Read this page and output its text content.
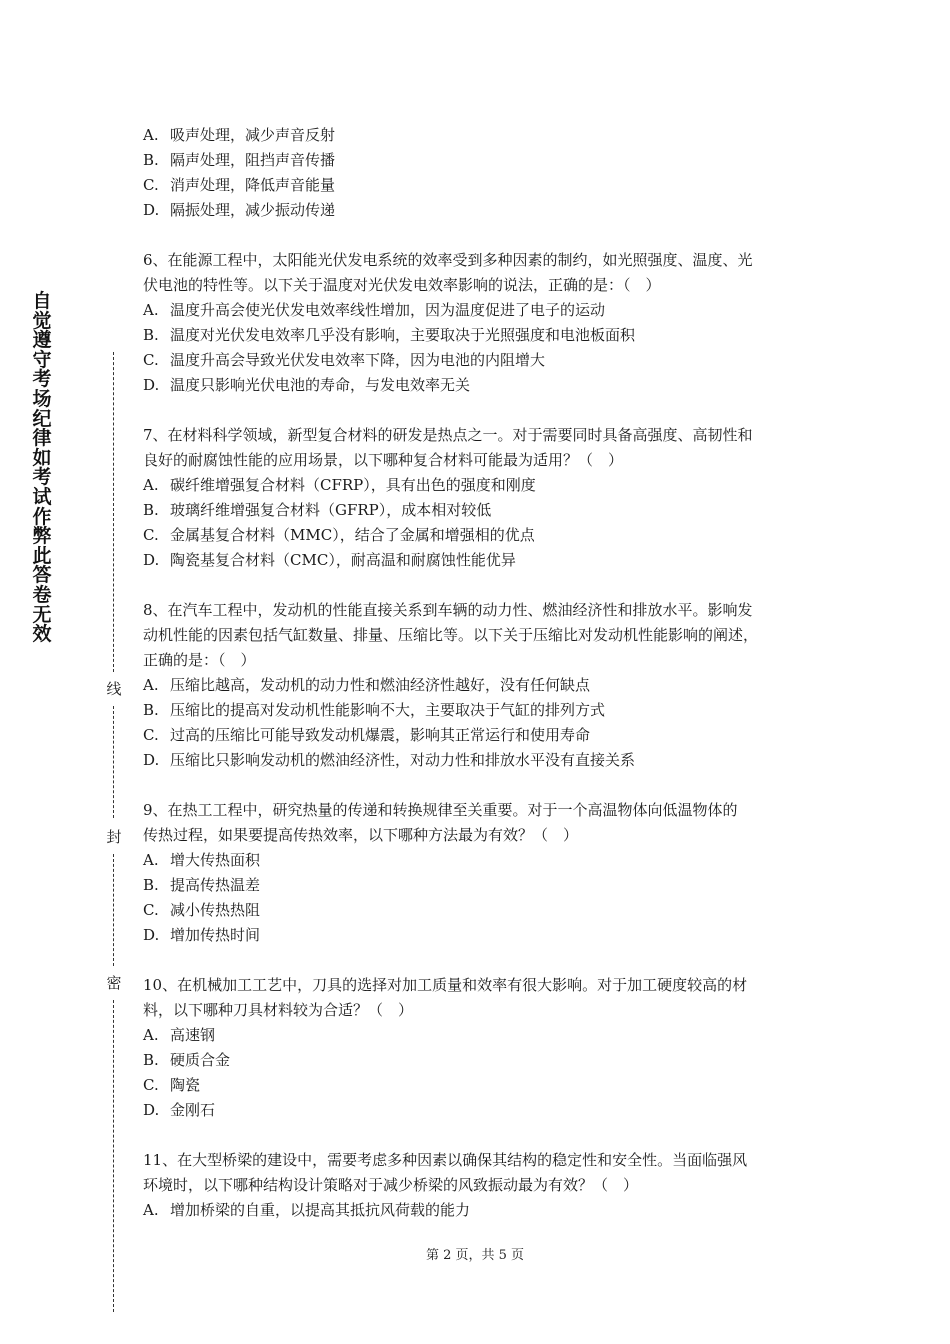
自觉遵守考场纪律如考试作弊此答卷无效
线
封
密

A. 吸声处理，减少声音反射

B. 隔声处理，阻挡声音传播

C. 消声处理，降低声音能量

D. 隔振处理，减少振动传递

6、在能源工程中，太阳能光伏发电系统的效率受到多种因素的制约，如光照强度、温度、光

伏电池的特性等。以下关于温度对光伏发电效率影响的说法，正确的是：（　）

A. 温度升高会使光伏发电效率线性增加，因为温度促进了电子的运动

B. 温度对光伏发电效率几乎没有影响，主要取决于光照强度和电池板面积

C. 温度升高会导致光伏发电效率下降，因为电池的内阻增大

D. 温度只影响光伏电池的寿命，与发电效率无关

7、在材料科学领域，新型复合材料的研发是热点之一。对于需要同时具备高强度、高韧性和

良好的耐腐蚀性能的应用场景，以下哪种复合材料可能最为适用？（　）

A. 碳纤维增强复合材料（CFRP），具有出色的强度和刚度

B. 玻璃纤维增强复合材料（GFRP），成本相对较低

C. 金属基复合材料（MMC），结合了金属和增强相的优点

D. 陶瓷基复合材料（CMC），耐高温和耐腐蚀性能优异

8、在汽车工程中，发动机的性能直接关系到车辆的动力性、燃油经济性和排放水平。影响发

动机性能的因素包括气缸数量、排量、压缩比等。以下关于压缩比对发动机性能影响的阐述，

正确的是：（　）

A. 压缩比越高，发动机的动力性和燃油经济性越好，没有任何缺点

B. 压缩比的提高对发动机性能影响不大，主要取决于气缸的排列方式

C. 过高的压缩比可能导致发动机爆震，影响其正常运行和使用寿命

D. 压缩比只影响发动机的燃油经济性，对动力性和排放水平没有直接关系

9、在热工工程中，研究热量的传递和转换规律至关重要。对于一个高温物体向低温物体的

传热过程，如果要提高传热效率，以下哪种方法最为有效？（　）

A. 增大传热面积

B. 提高传热温差

C. 减小传热热阻

D. 增加传热时间

10、在机械加工工艺中，刀具的选择对加工质量和效率有很大影响。对于加工硬度较高的材

料，以下哪种刀具材料较为合适？（　）

A. 高速钢

B. 硬质合金

C. 陶瓷

D. 金刚石

11、在大型桥梁的建设中，需要考虑多种因素以确保其结构的稳定性和安全性。当面临强风

环境时，以下哪种结构设计策略对于减少桥梁的风致振动最为有效？（　）

A. 增加桥梁的自重，以提高其抵抗风荷载的能力

第 2 页，共 5 页
